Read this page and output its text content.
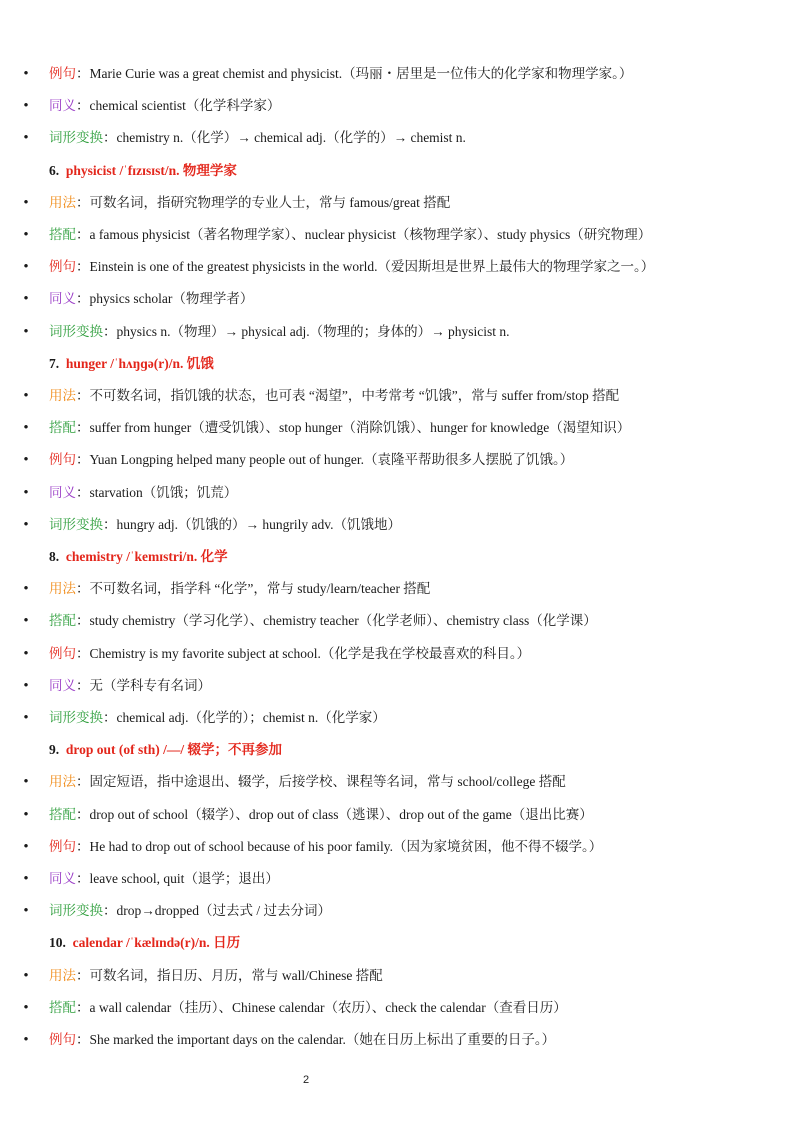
• 例句：Marie Curie was a great chemist and physicist.（玛丽・居里是一位伟大的化学家和物理学家。）
• 同义：chemical scientist（化学科学家）
• 词形变换：chemistry n.（化学）→ chemical adj.（化学的）→ chemist n.
6. physicist /ˈfɪzɪsɪst/n. 物理学家
• 用法：可数名词，指研究物理学的专业人士，常与 famous/great 搭配
• 搭配：a famous physicist（著名物理学家）、nuclear physicist（核物理学家）、study physics（研究物理）
• 例句：Einstein is one of the greatest physicists in the world.（爱因斯坦是世界上最伟大的物理学家之一。）
• 同义：physics scholar（物理学者）
• 词形变换：physics n.（物理）→ physical adj.（物理的；身体的）→ physicist n.
7. hunger /ˈhʌŋɡə(r)/n. 饥饿
• 用法：不可数名词，指饥饿的状态，也可表 “渴望”，中考常考 “饥饿”，常与 suffer from/stop 搭配
• 搭配：suffer from hunger（遭受饥饿）、stop hunger（消除饥饿）、hunger for knowledge（渴望知识）
• 例句：Yuan Longping helped many people out of hunger.（袁隆平帮助很多人摆脱了饥饿。）
• 同义：starvation（饥饿；饥荒）
• 词形变换：hungry adj.（饥饿的）→ hungrily adv.（饥饿地）
8. chemistry /ˈkemɪstri/n. 化学
• 用法：不可数名词，指学科 “化学”，常与 study/learn/teacher 搭配
• 搭配：study chemistry（学习化学）、chemistry teacher（化学老师）、chemistry class（化学课）
• 例句：Chemistry is my favorite subject at school.（化学是我在学校最喜欢的科目。）
• 同义：无（学科专有名词）
• 词形变换：chemical adj.（化学的）；chemist n.（化学家）
9. drop out (of sth) /—/ 辍学；不再参加
• 用法：固定短语，指中途退出、辍学，后接学校、课程等名词，常与 school/college 搭配
• 搭配：drop out of school（辍学）、drop out of class（逃课）、drop out of the game（退出比赛）
• 例句：He had to drop out of school because of his poor family.（因为家境贫困，他不得不辍学。）
• 同义：leave school, quit（退学；退出）
• 词形变换：drop→dropped（过去式 / 过去分词）
10. calendar /ˈkælɪndə(r)/n. 日历
• 用法：可数名词，指日历、月历，常与 wall/Chinese 搭配
• 搭配：a wall calendar（挂历）、Chinese calendar（农历）、check the calendar（查看日历）
• 例句：She marked the important days on the calendar.（她在日历上标出了重要的日子。）
2
